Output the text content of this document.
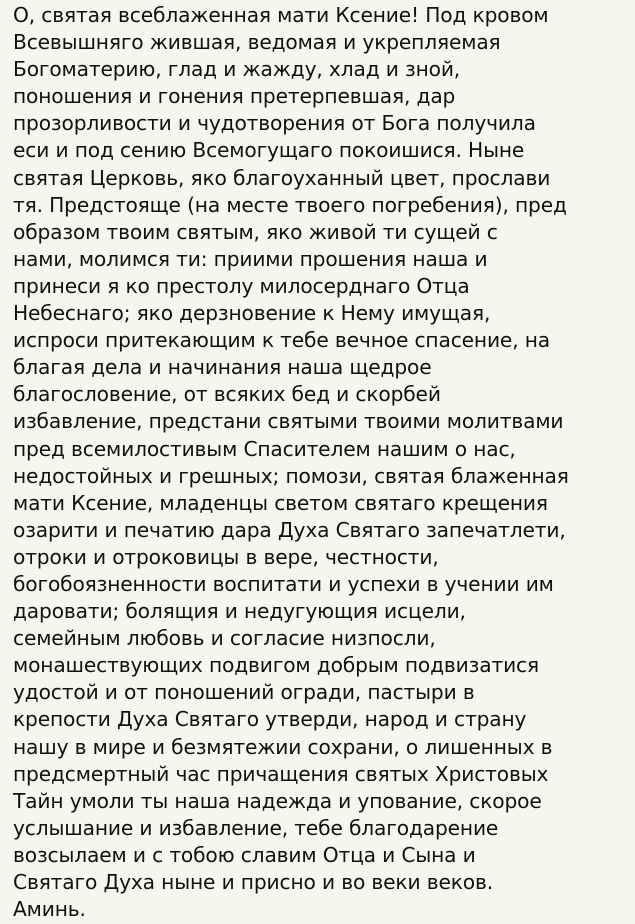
О, святая всеблаженная мати Ксение! Под кровом
Всевышняго жившая, ведомая и укрепляемая
Богоматерию, глад и жажду, хлад и зной,
поношения и гонения претерпевшая, дар
прозорливости и чудотворения от Бога получила
еси и под сению Всемогущаго покоишися. Ныне
святая Церковь, яко благоуханный цвет, прослави
тя. Предстояще (на месте твоего погребения), пред
образом твоим святым, яко живой ти сущей с
нами, молимся ти: приими прошения наша и
принеси я ко престолу милосерднаго Отца
Небеснаго; яко дерзновение к Нему имущая,
испроси притекающим к тебе вечное спасение, на
благая дела и начинания наша щедрое
благословение, от всяких бед и скорбей
избавление, предстани святыми твоими молитвами
пред всемилостивым Спасителем нашим о нас,
недостойных и грешных; помози, святая блаженная
мати Ксение, младенцы светом святаго крещения
озарити и печатию дара Духа Святаго запечатлети,
отроки и отроковицы в вере, честности,
богобоязненности воспитати и успехи в учении им
даровати; болящия и недугующия исцели,
семейным любовь и согласие низпосли,
монашествующих подвигом добрым подвизатися
удостой и от поношений огради, пастыри в
крепости Духа Святаго утверди, народ и страну
нашу в мире и безмятежии сохрани, о лишенных в
предсмертный час причащения святых Христовых
Тайн умоли ты наша надежда и упование, скорое
услышание и избавление, тебе благодарение
возсылаем и с тобою славим Отца и Сына и
Святаго Духа ныне и присно и во веки веков.
Аминь.
